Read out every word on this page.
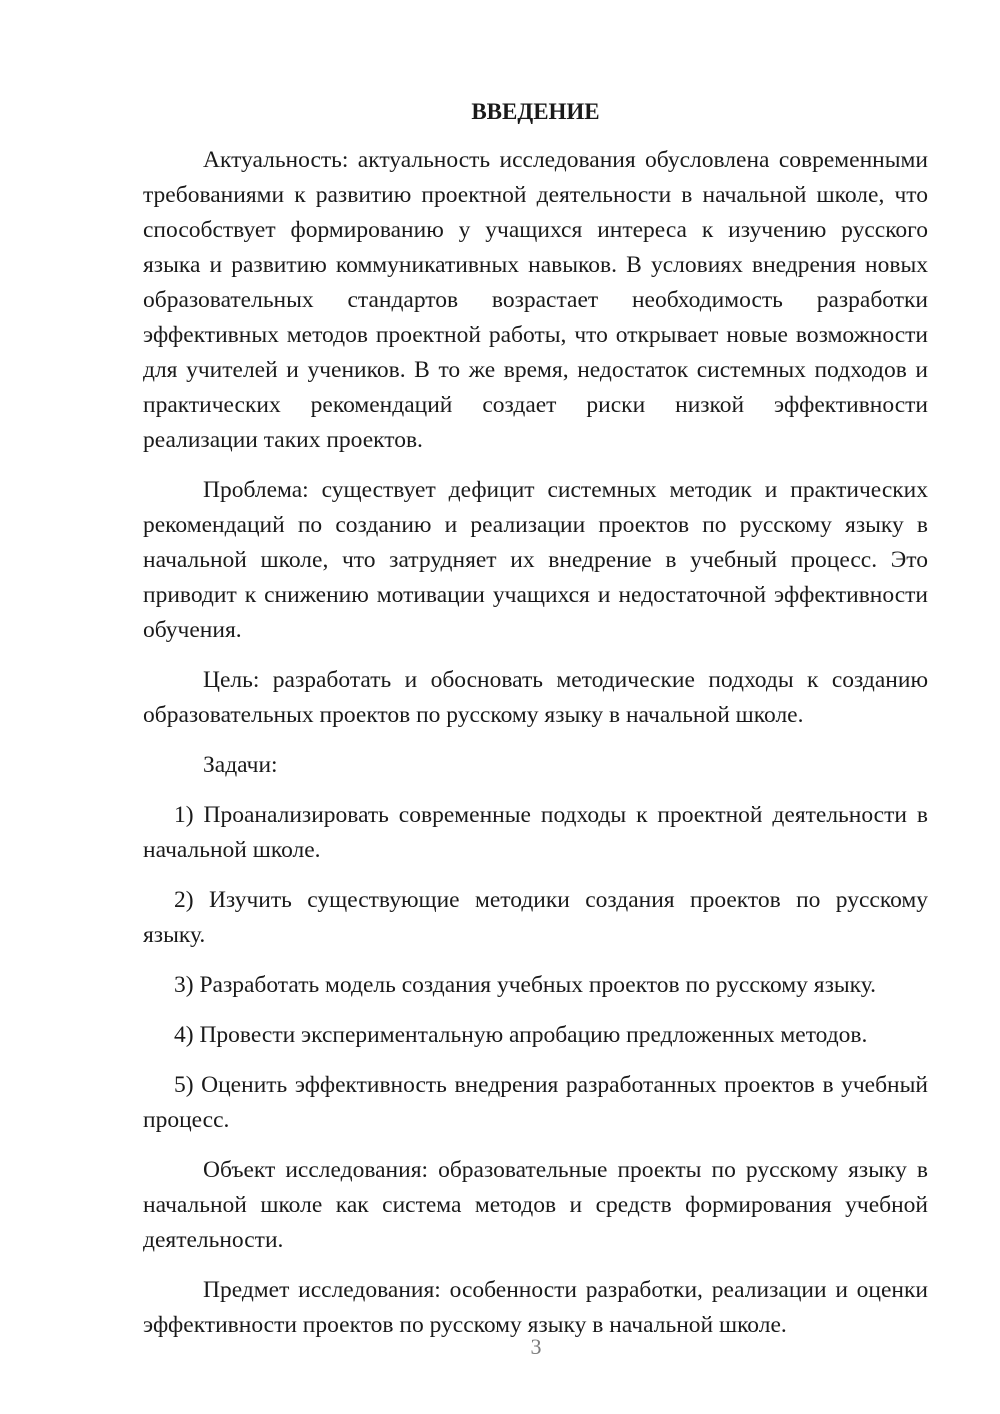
ВВЕДЕНИЕ

Актуальность: актуальность исследования обусловлена современными требованиями к развитию проектной деятельности в начальной школе, что способствует формированию у учащихся интереса к изучению русского языка и развитию коммуникативных навыков. В условиях внедрения новых образовательных стандартов возрастает необходимость разработки эффективных методов проектной работы, что открывает новые возможности для учителей и учеников. В то же время, недостаток системных подходов и практических рекомендаций создает риски низкой эффективности реализации таких проектов.

Проблема: существует дефицит системных методик и практических рекомендаций по созданию и реализации проектов по русскому языку в начальной школе, что затрудняет их внедрение в учебный процесс. Это приводит к снижению мотивации учащихся и недостаточной эффективности обучения.

Цель: разработать и обосновать методические подходы к созданию образовательных проектов по русскому языку в начальной школе.

Задачи:

1) Проанализировать современные подходы к проектной деятельности в начальной школе.

2) Изучить существующие методики создания проектов по русскому языку.

3) Разработать модель создания учебных проектов по русскому языку.

4) Провести экспериментальную апробацию предложенных методов.

5) Оценить эффективность внедрения разработанных проектов в учебный процесс.

Объект исследования: образовательные проекты по русскому языку в начальной школе как система методов и средств формирования учебной деятельности.

Предмет исследования: особенности разработки, реализации и оценки эффективности проектов по русскому языку в начальной школе.

3
